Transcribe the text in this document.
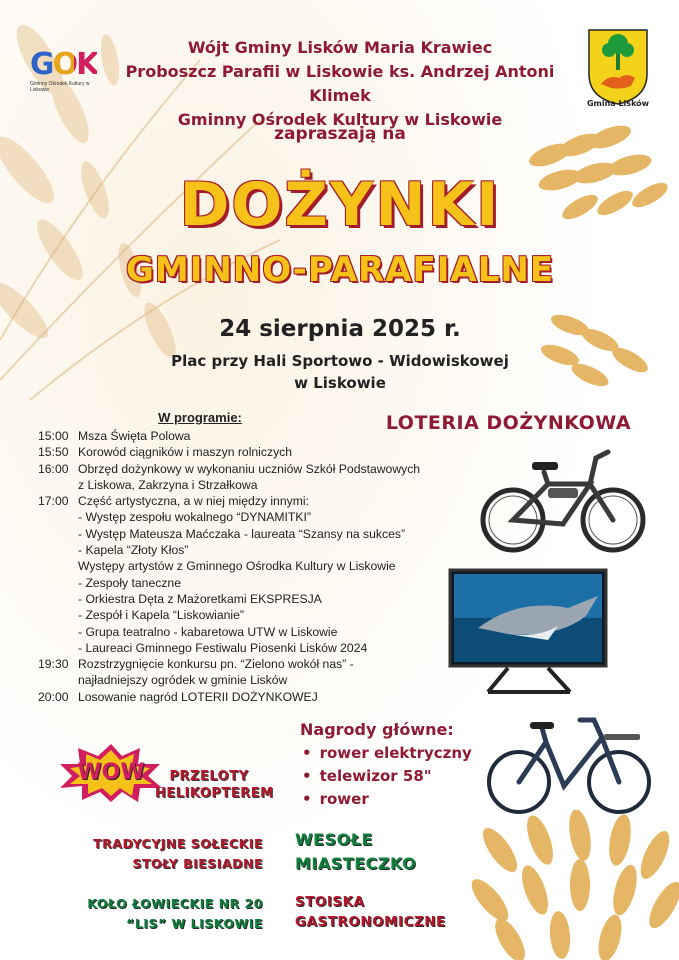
GOK
Gminny Ośrodek Kultury w Liskowie
Gmina Lisków
Wójt Gminy Lisków Maria Krawiec
Proboszcz Parafii w Liskowie ks. Andrzej Antoni Klimek
Gminny Ośrodek Kultury w Liskowie
zapraszają na
DOŻYNKI
GMINNO-PARAFIALNE
24 sierpnia 2025 r.
Plac przy Hali Sportowo - Widowiskowej
w Liskowie
W programie:
15:00 Msza Święta Polowa
15:50 Korowód ciągników i maszyn rolniczych
16:00 Obrzęd dożynkowy w wykonaniu uczniów Szkół Podstawowych
z Liskowa, Zakrzyna i Strzałkowa
17:00 Część artystyczna, a w niej między innymi:
- Występ zespołu wokalnego “DYNAMITKI”
- Występ Mateusza Maćczaka - laureata “Szansy na sukces”
- Kapela “Złoty Kłos”
Występy artystów z Gminnego Ośrodka Kultury w Liskowie
- Zespoły taneczne
- Orkiestra Dęta z Mażoretkami EKSPRESJA
- Zespół i Kapela “Liskowianie”
- Grupa teatralno - kabaretowa UTW w Liskowie
- Laureaci Gminnego Festiwalu Piosenki Lisków 2024
19:30 Rozstrzygnięcie konkursu pn. “Zielono wokół nas” -
najładniejszy ogródek w gminie Lisków
20:00 Losowanie nagród LOTERII DOŻYNKOWEJ
LOTERIA DOŻYNKOWA
Nagrody główne:
• rower elektryczny
• telewizor 58"
• rower
WOW	PRZELOTY
HELIKOPTEREM
TRADYCYJNE SOŁECKIE
STOŁY BIESIADNE
KOŁO ŁOWIECKIE NR 20
“LIS” W LISKOWIE
WESOŁE
MIASTECZKO
STOISKA
GASTRONOMICZNE
